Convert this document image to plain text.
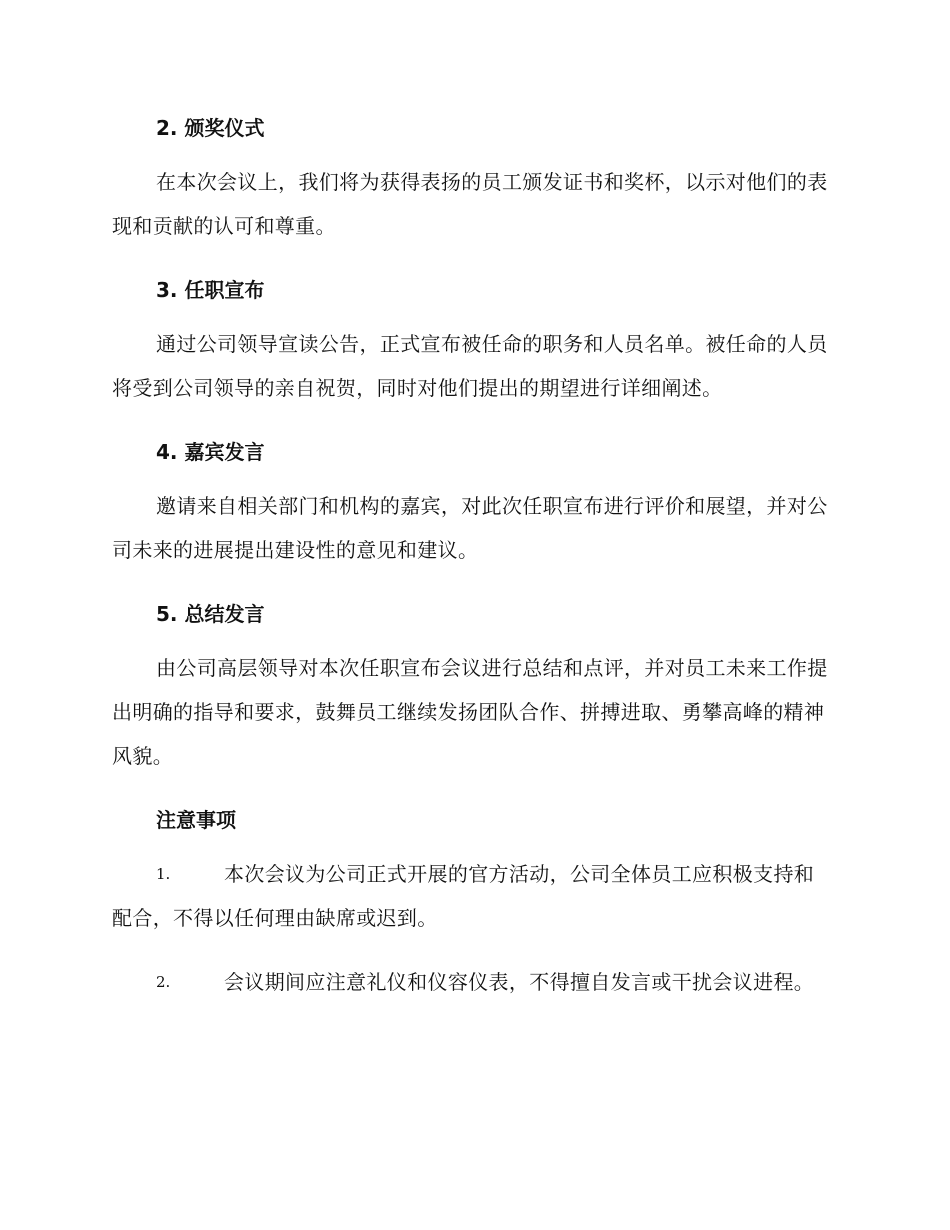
2. 颁奖仪式

在本次会议上，我们将为获得表扬的员工颁发证书和奖杯，以示对他们的表现和贡献的认可和尊重。

3. 任职宣布

通过公司领导宣读公告，正式宣布被任命的职务和人员名单。被任命的人员将受到公司领导的亲自祝贺，同时对他们提出的期望进行详细阐述。

4. 嘉宾发言

邀请来自相关部门和机构的嘉宾，对此次任职宣布进行评价和展望，并对公司未来的进展提出建设性的意见和建议。

5. 总结发言

由公司高层领导对本次任职宣布会议进行总结和点评，并对员工未来工作提出明确的指导和要求，鼓舞员工继续发扬团队合作、拼搏进取、勇攀高峰的精神风貌。

注意事项

1.	本次会议为公司正式开展的官方活动，公司全体员工应积极支持和配合，不得以任何理由缺席或迟到。

2.	会议期间应注意礼仪和仪容仪表，不得擅自发言或干扰会议进程。
